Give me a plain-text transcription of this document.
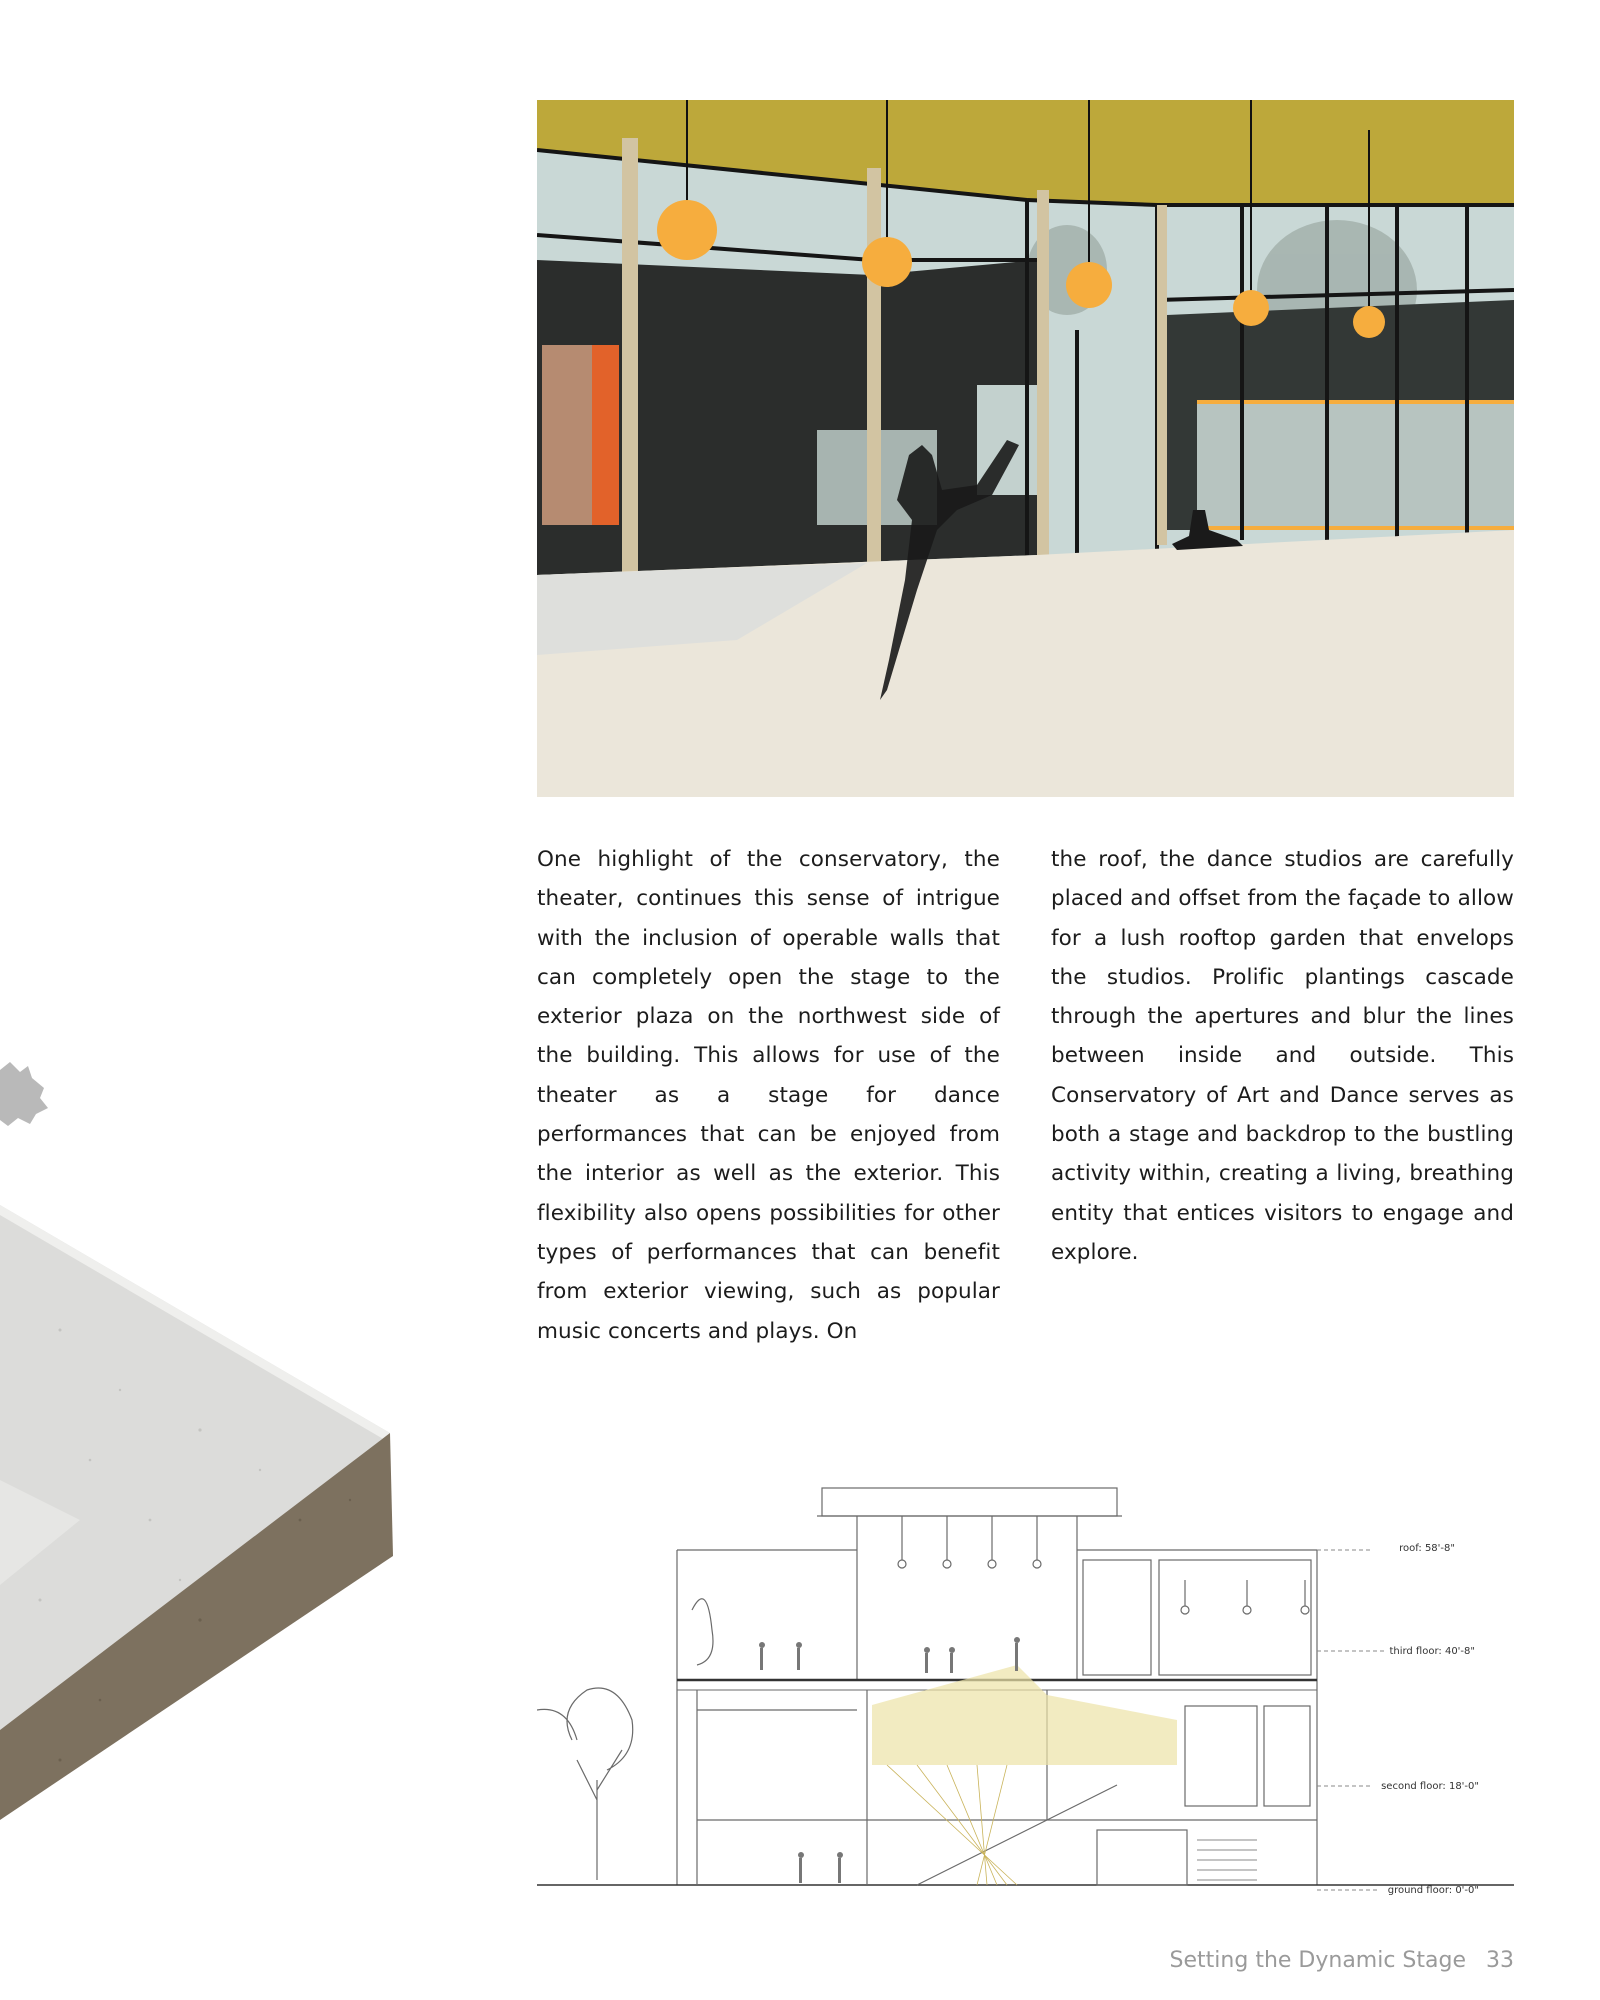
One highlight of the conservatory, the theater, continues this sense of intrigue with the inclusion of operable walls that can completely open the stage to the exterior plaza on the northwest side of the building. This allows for use of the theater as a stage for dance performances that can be enjoyed from the interior as well as the exterior. This flexibility also opens possibilities for other types of performances that can benefit from exterior viewing, such as popular music concerts and plays. On
the roof, the dance studios are carefully placed and offset from the façade to allow for a lush rooftop garden that envelops the studios. Prolific plantings cascade through the apertures and blur the lines between inside and outside. This Conservatory of Art and Dance serves as both a stage and backdrop to the bustling activity within, creating a living, breathing entity that entices visitors to engage and explore.
roof: 58'-8"
third floor: 40'-8"
second floor: 18'-0"
ground floor: 0'-0"
Setting the Dynamic Stage 33
